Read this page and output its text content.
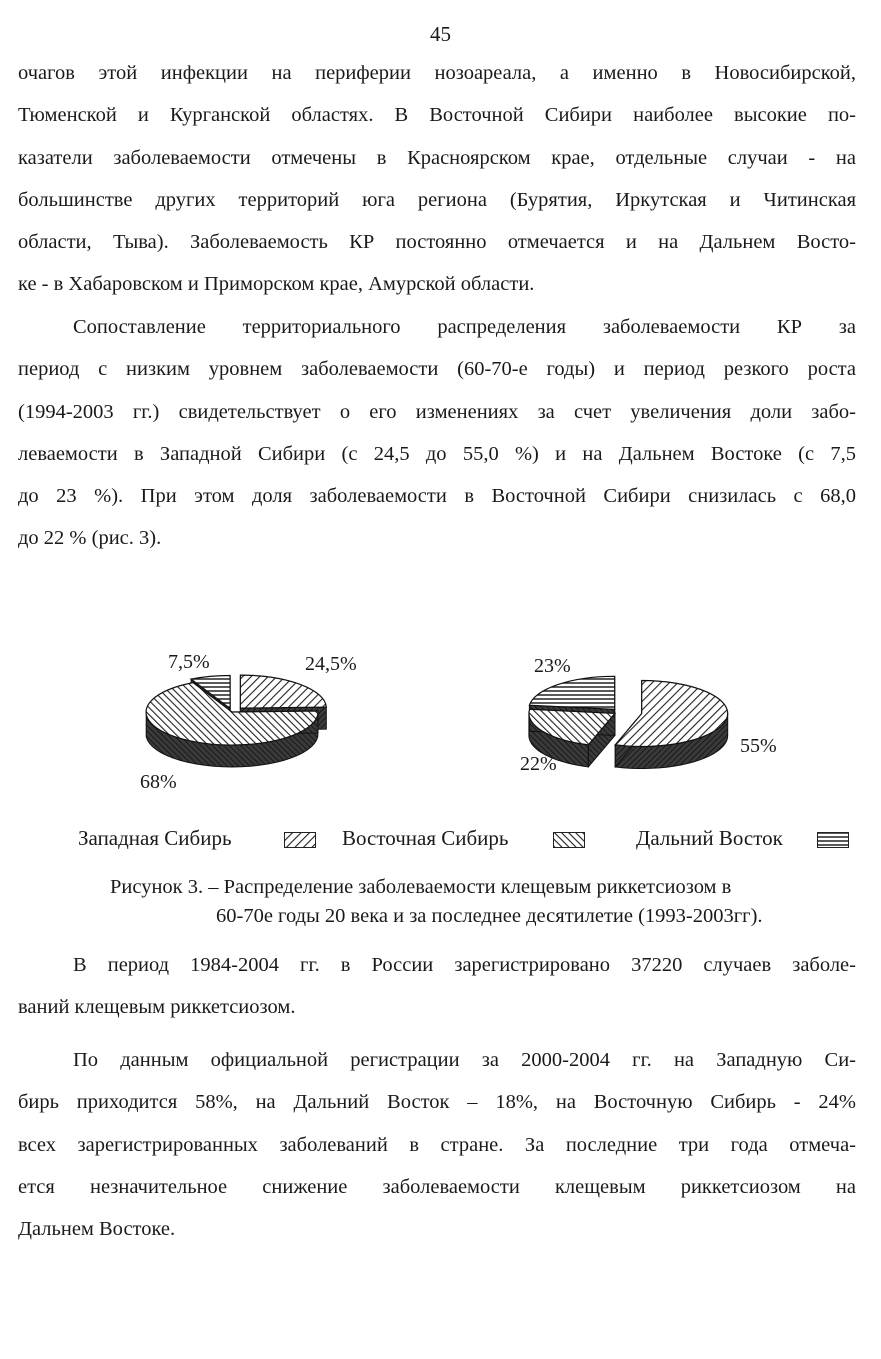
45

очагов этой инфекции на периферии нозоареала, а именно в Новосибирской,
Тюменской и Курганской областях. В Восточной Сибири наиболее высокие по-
казатели заболеваемости отмечены в Красноярском крае, отдельные случаи - на
большинстве других территорий юга региона (Бурятия, Иркутская и Читинская
области, Тыва). Заболеваемость КР постоянно отмечается и на Дальнем Восто-
ке - в Хабаровском и Приморском крае, Амурской области.

Сопоставление территориального распределения заболеваемости КР за
период с низким уровнем заболеваемости (60-70-е годы) и период резкого роста
(1994-2003 гг.) свидетельствует о его изменениях за счет увеличения доли забо-
леваемости в Западной Сибири (с 24,5 до 55,0 %) и на Дальнем Востоке (с 7,5
до 23 %). При этом доля заболеваемости в Восточной Сибири снизилась с 68,0
до 22 % (рис. 3).

24,5%
68%
7,5%
55%
22%
23%
Западная Сибирь	Восточная Сибирь	Дальний Восток
Рисунок 3. – Распределение заболеваемости клещевым риккетсиозом в
60-70е годы 20 века и за последнее десятилетие (1993-2003гг).

В период 1984-2004 гг. в России зарегистрировано 37220 случаев заболе-
ваний клещевым риккетсиозом.

По данным официальной регистрации за 2000-2004 гг. на Западную Си-
бирь приходится 58%, на Дальний Восток – 18%, на Восточную Сибирь - 24%
всех зарегистрированных заболеваний в стране. За последние три года отмеча-
ется незначительное снижение заболеваемости клещевым риккетсиозом на
Дальнем Востоке.
